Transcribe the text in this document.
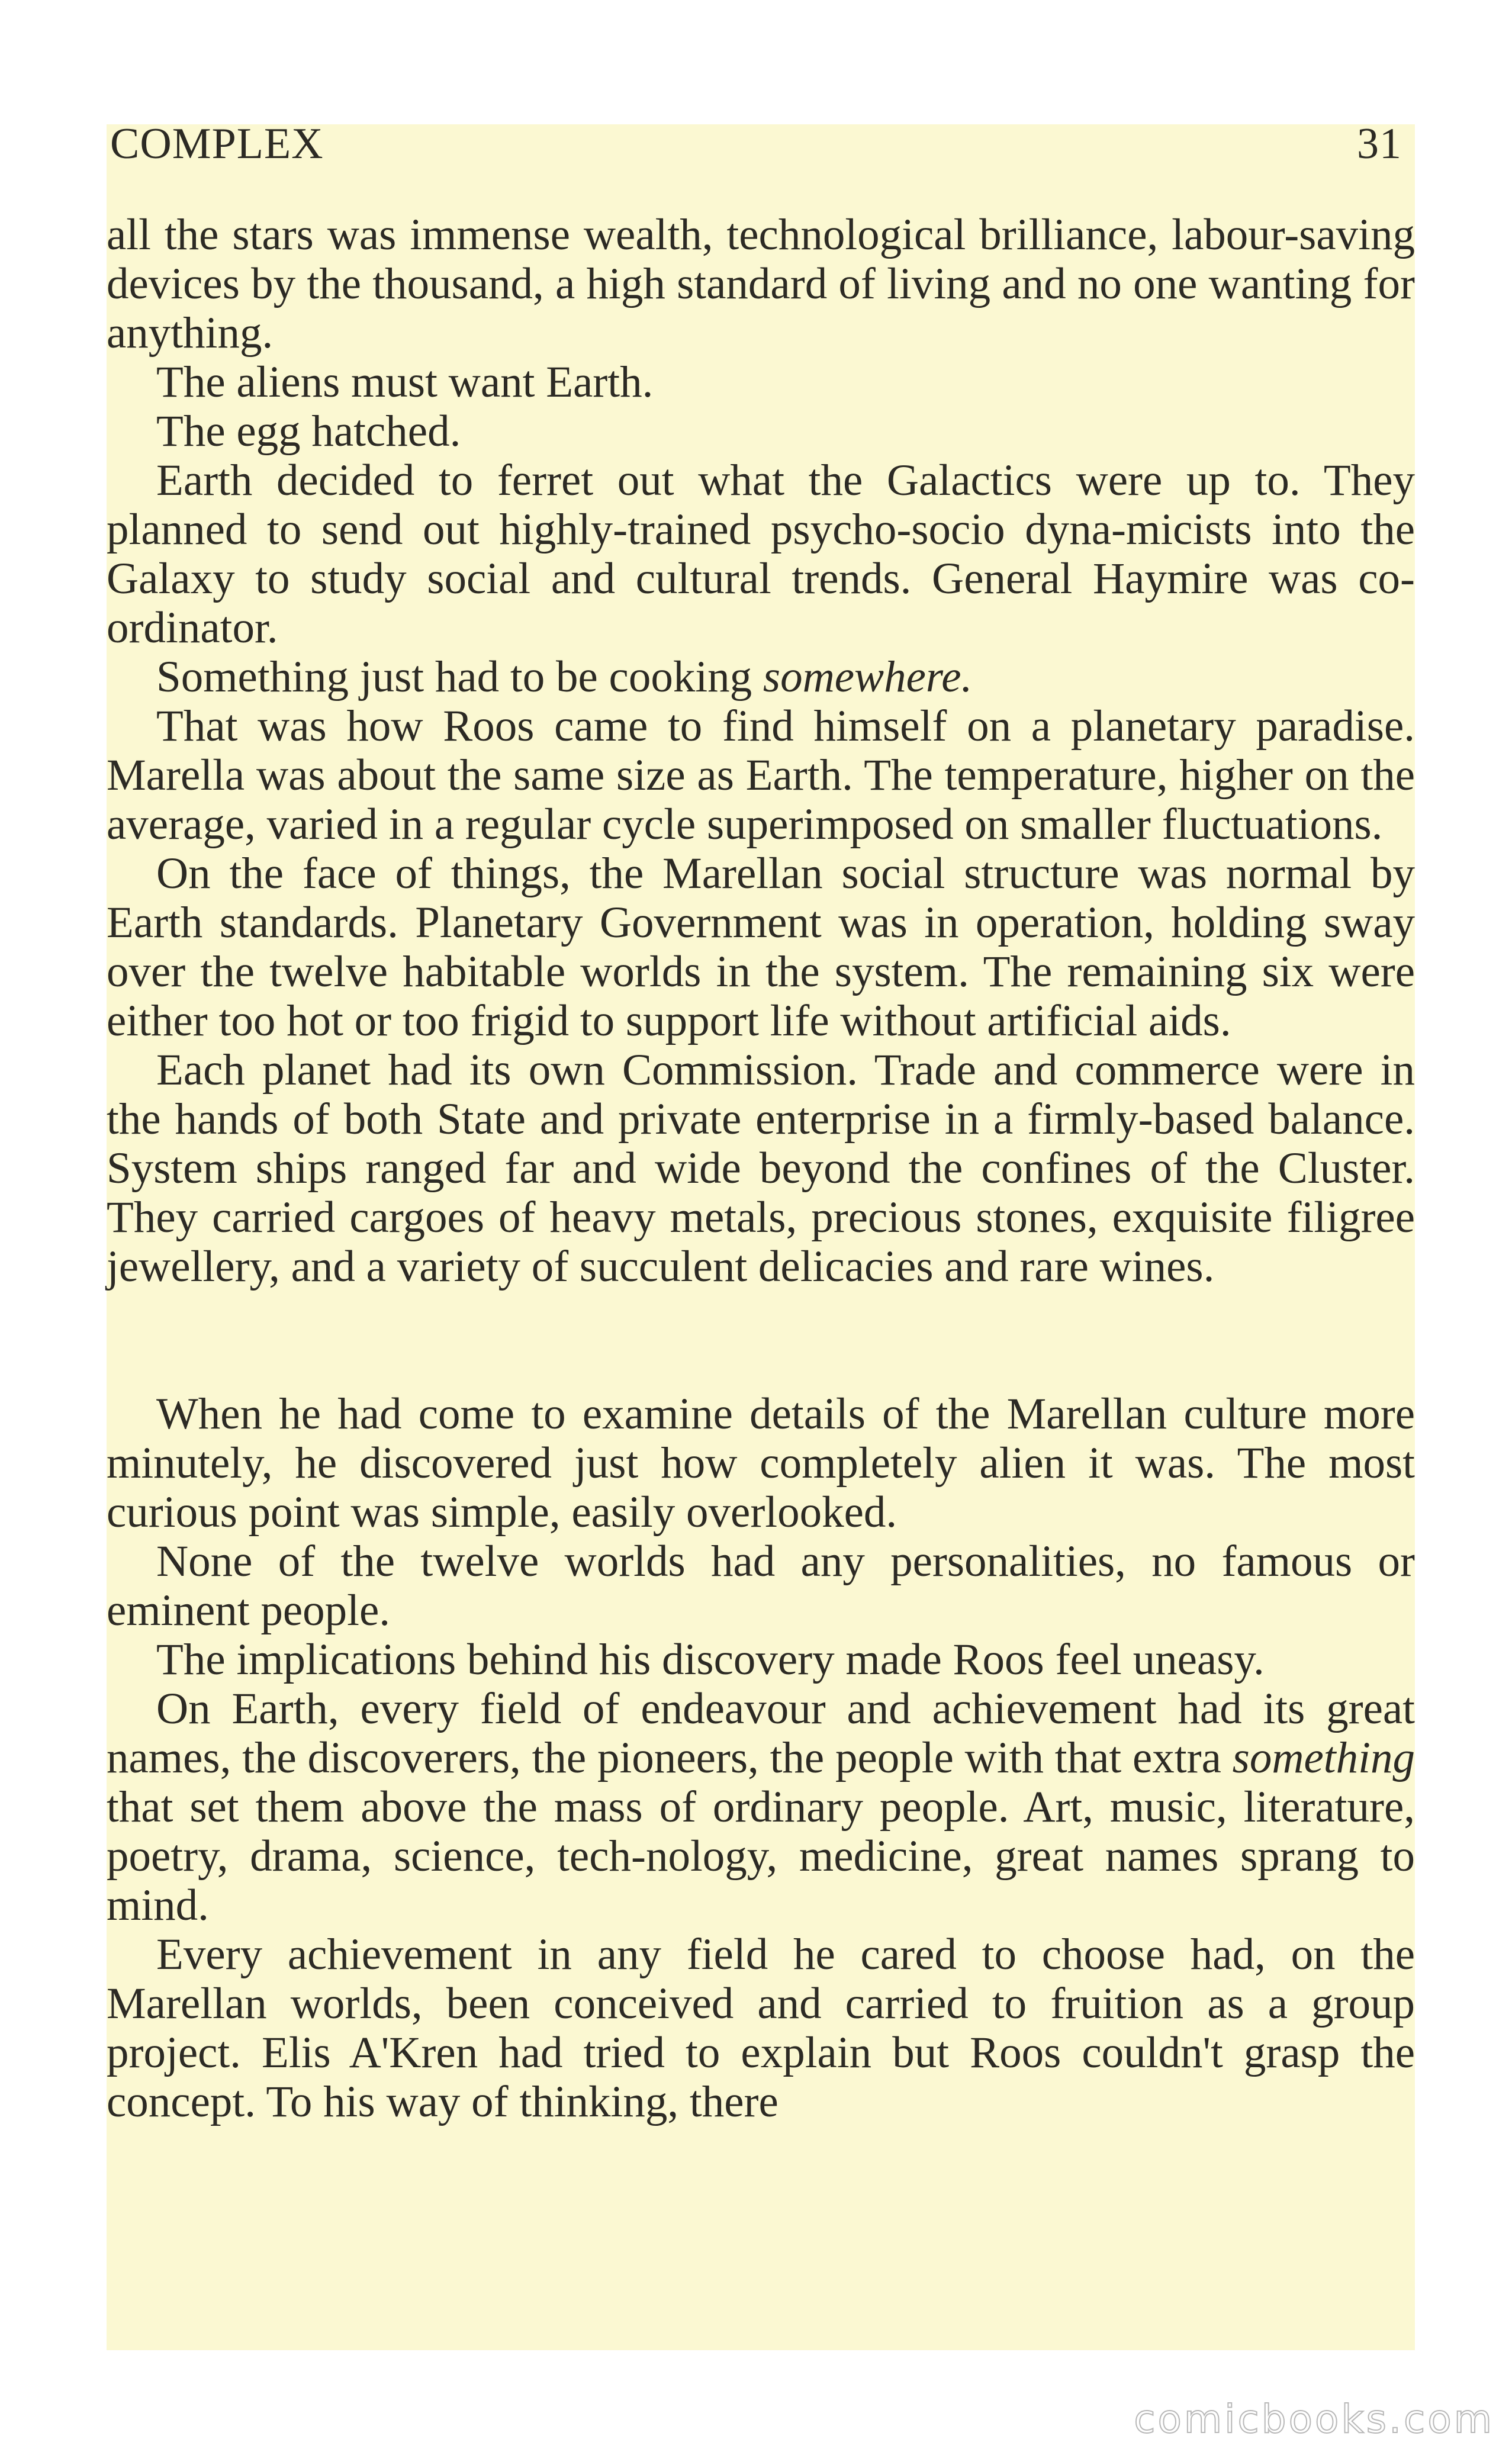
COMPLEX	31

all the stars was immense wealth, technological brilliance, labour-saving devices by the thousand, a high standard of living and no one wanting for anything.

The aliens must want Earth.

The egg hatched.

Earth decided to ferret out what the Galactics were up to. They planned to send out highly-trained psycho-socio dyna-micists into the Galaxy to study social and cultural trends. General Haymire was co-ordinator.

Something just had to be cooking somewhere.

That was how Roos came to find himself on a planetary paradise. Marella was about the same size as Earth. The temperature, higher on the average, varied in a regular cycle superimposed on smaller fluctuations.

On the face of things, the Marellan social structure was normal by Earth standards. Planetary Government was in operation, holding sway over the twelve habitable worlds in the system. The remaining six were either too hot or too frigid to support life without artificial aids.

Each planet had its own Commission. Trade and commerce were in the hands of both State and private enterprise in a firmly-based balance. System ships ranged far and wide beyond the confines of the Cluster. They carried cargoes of heavy metals, precious stones, exquisite filigree jewellery, and a variety of succulent delicacies and rare wines.

When he had come to examine details of the Marellan culture more minutely, he discovered just how completely alien it was. The most curious point was simple, easily overlooked.

None of the twelve worlds had any personalities, no famous or eminent people.

The implications behind his discovery made Roos feel uneasy.

On Earth, every field of endeavour and achievement had its great names, the discoverers, the pioneers, the people with that extra something that set them above the mass of ordinary people. Art, music, literature, poetry, drama, science, tech-nology, medicine, great names sprang to mind.

Every achievement in any field he cared to choose had, on the Marellan worlds, been conceived and carried to fruition as a group project. Elis A'Kren had tried to explain but Roos couldn't grasp the concept. To his way of thinking, there

comicbooks.com
